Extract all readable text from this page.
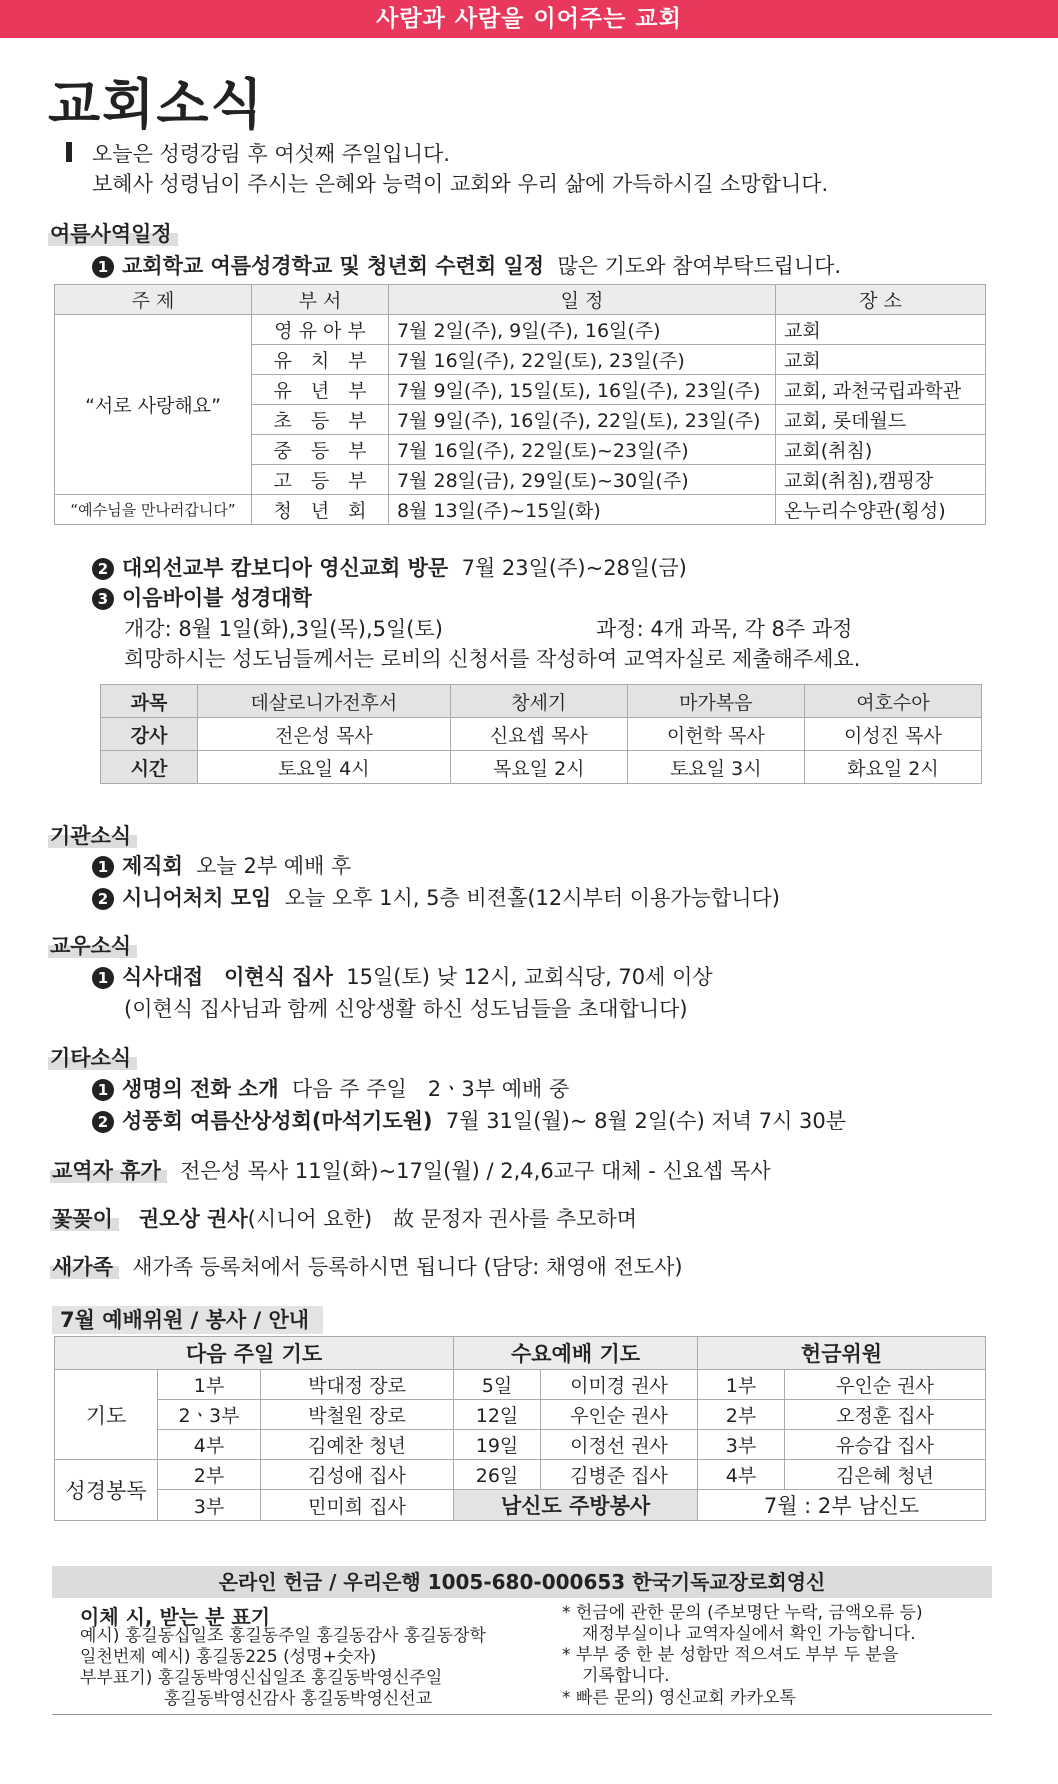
사람과 사람을 이어주는 교회
교회소식
오늘은 성령강림 후 여섯째 주일입니다.
보혜사 성령님이 주시는 은혜와 능력이 교회와 우리 삶에 가득하시길 소망합니다.
여름사역일정
1 교회학교 여름성경학교 및 청년회 수련회 일정 많은 기도와 참여부탁드립니다.
주 제	부 서	일 정	장 소
“서로 사랑해요”	영 유 아 부	7월 2일(주), 9일(주), 16일(주)	교회
	유　치　부	7월 16일(주), 22일(토), 23일(주)	교회
	유　년　부	7월 9일(주), 15일(토), 16일(주), 23일(주)	교회, 과천국립과학관
	초　등　부	7월 9일(주), 16일(주), 22일(토), 23일(주)	교회, 롯데월드
	중　등　부	7월 16일(주), 22일(토)~23일(주)	교회(취침)
	고　등　부	7월 28일(금), 29일(토)~30일(주)	교회(취침),캠핑장
“예수님을 만나러갑니다”	청　년　회	8월 13일(주)~15일(화)	온누리수양관(횡성)
2 대외선교부 캄보디아 영신교회 방문 7월 23일(주)~28일(금)
3 이음바이블 성경대학
개강: 8월 1일(화),3일(목),5일(토)	과정: 4개 과목, 각 8주 과정
희망하시는 성도님들께서는 로비의 신청서를 작성하여 교역자실로 제출해주세요.
과목	데살로니가전후서	창세기	마가복음	여호수아
강사	전은성 목사	신요셉 목사	이헌학 목사	이성진 목사
시간	토요일 4시	목요일 2시	토요일 3시	화요일 2시
기관소식
1 제직회 오늘 2부 예배 후
2 시니어처치 모임 오늘 오후 1시, 5층 비젼홀(12시부터 이용가능합니다)
교우소식
1 식사대접　이현식 집사 15일(토) 낮 12시, 교회식당, 70세 이상
(이현식 집사님과 함께 신앙생활 하신 성도님들을 초대합니다)
기타소식
1 생명의 전화 소개 다음 주 주일　2ㆍ3부 예배 중
2 성풍회 여름산상성회(마석기도원) 7월 31일(월)~ 8월 2일(수) 저녁 7시 30분
교역자 휴가 전은성 목사 11일(화)~17일(월) / 2,4,6교구 대체 - 신요셉 목사
꽃꽂이 권오상 권사(시니어 요한)　故 문정자 권사를 추모하며
새가족 새가족 등록처에서 등록하시면 됩니다 (담당: 채영애 전도사)
7월 예배위원 / 봉사 / 안내
다음 주일 기도			수요예배 기도		헌금위원	
기도	1부	박대정 장로	5일	이미경 권사	1부	우인순 권사
	2ㆍ3부	박철원 장로	12일	우인순 권사	2부	오정훈 집사
	4부	김예찬 청년	19일	이정선 권사	3부	유승갑 집사
성경봉독	2부	김성애 집사	26일	김병준 집사	4부	김은혜 청년
	3부	민미희 집사	남신도 주방봉사		7월 : 2부 남신도	
온라인 헌금 / 우리은행 1005-680-000653 한국기독교장로회영신
이체 시, 받는 분 표기
예시) 홍길동십일조 홍길동주일 홍길동감사 홍길동장학
일천번제 예시) 홍길동225 (성명+숫자)
부부표기) 홍길동박영신십일조 홍길동박영신주일
홍길동박영신감사 홍길동박영신선교
* 헌금에 관한 문의 (주보명단 누락, 금액오류 등)
재정부실이나 교역자실에서 확인 가능합니다.
* 부부 중 한 분 성함만 적으셔도 부부 두 분을
기록합니다.
* 빠른 문의) 영신교회 카카오톡
